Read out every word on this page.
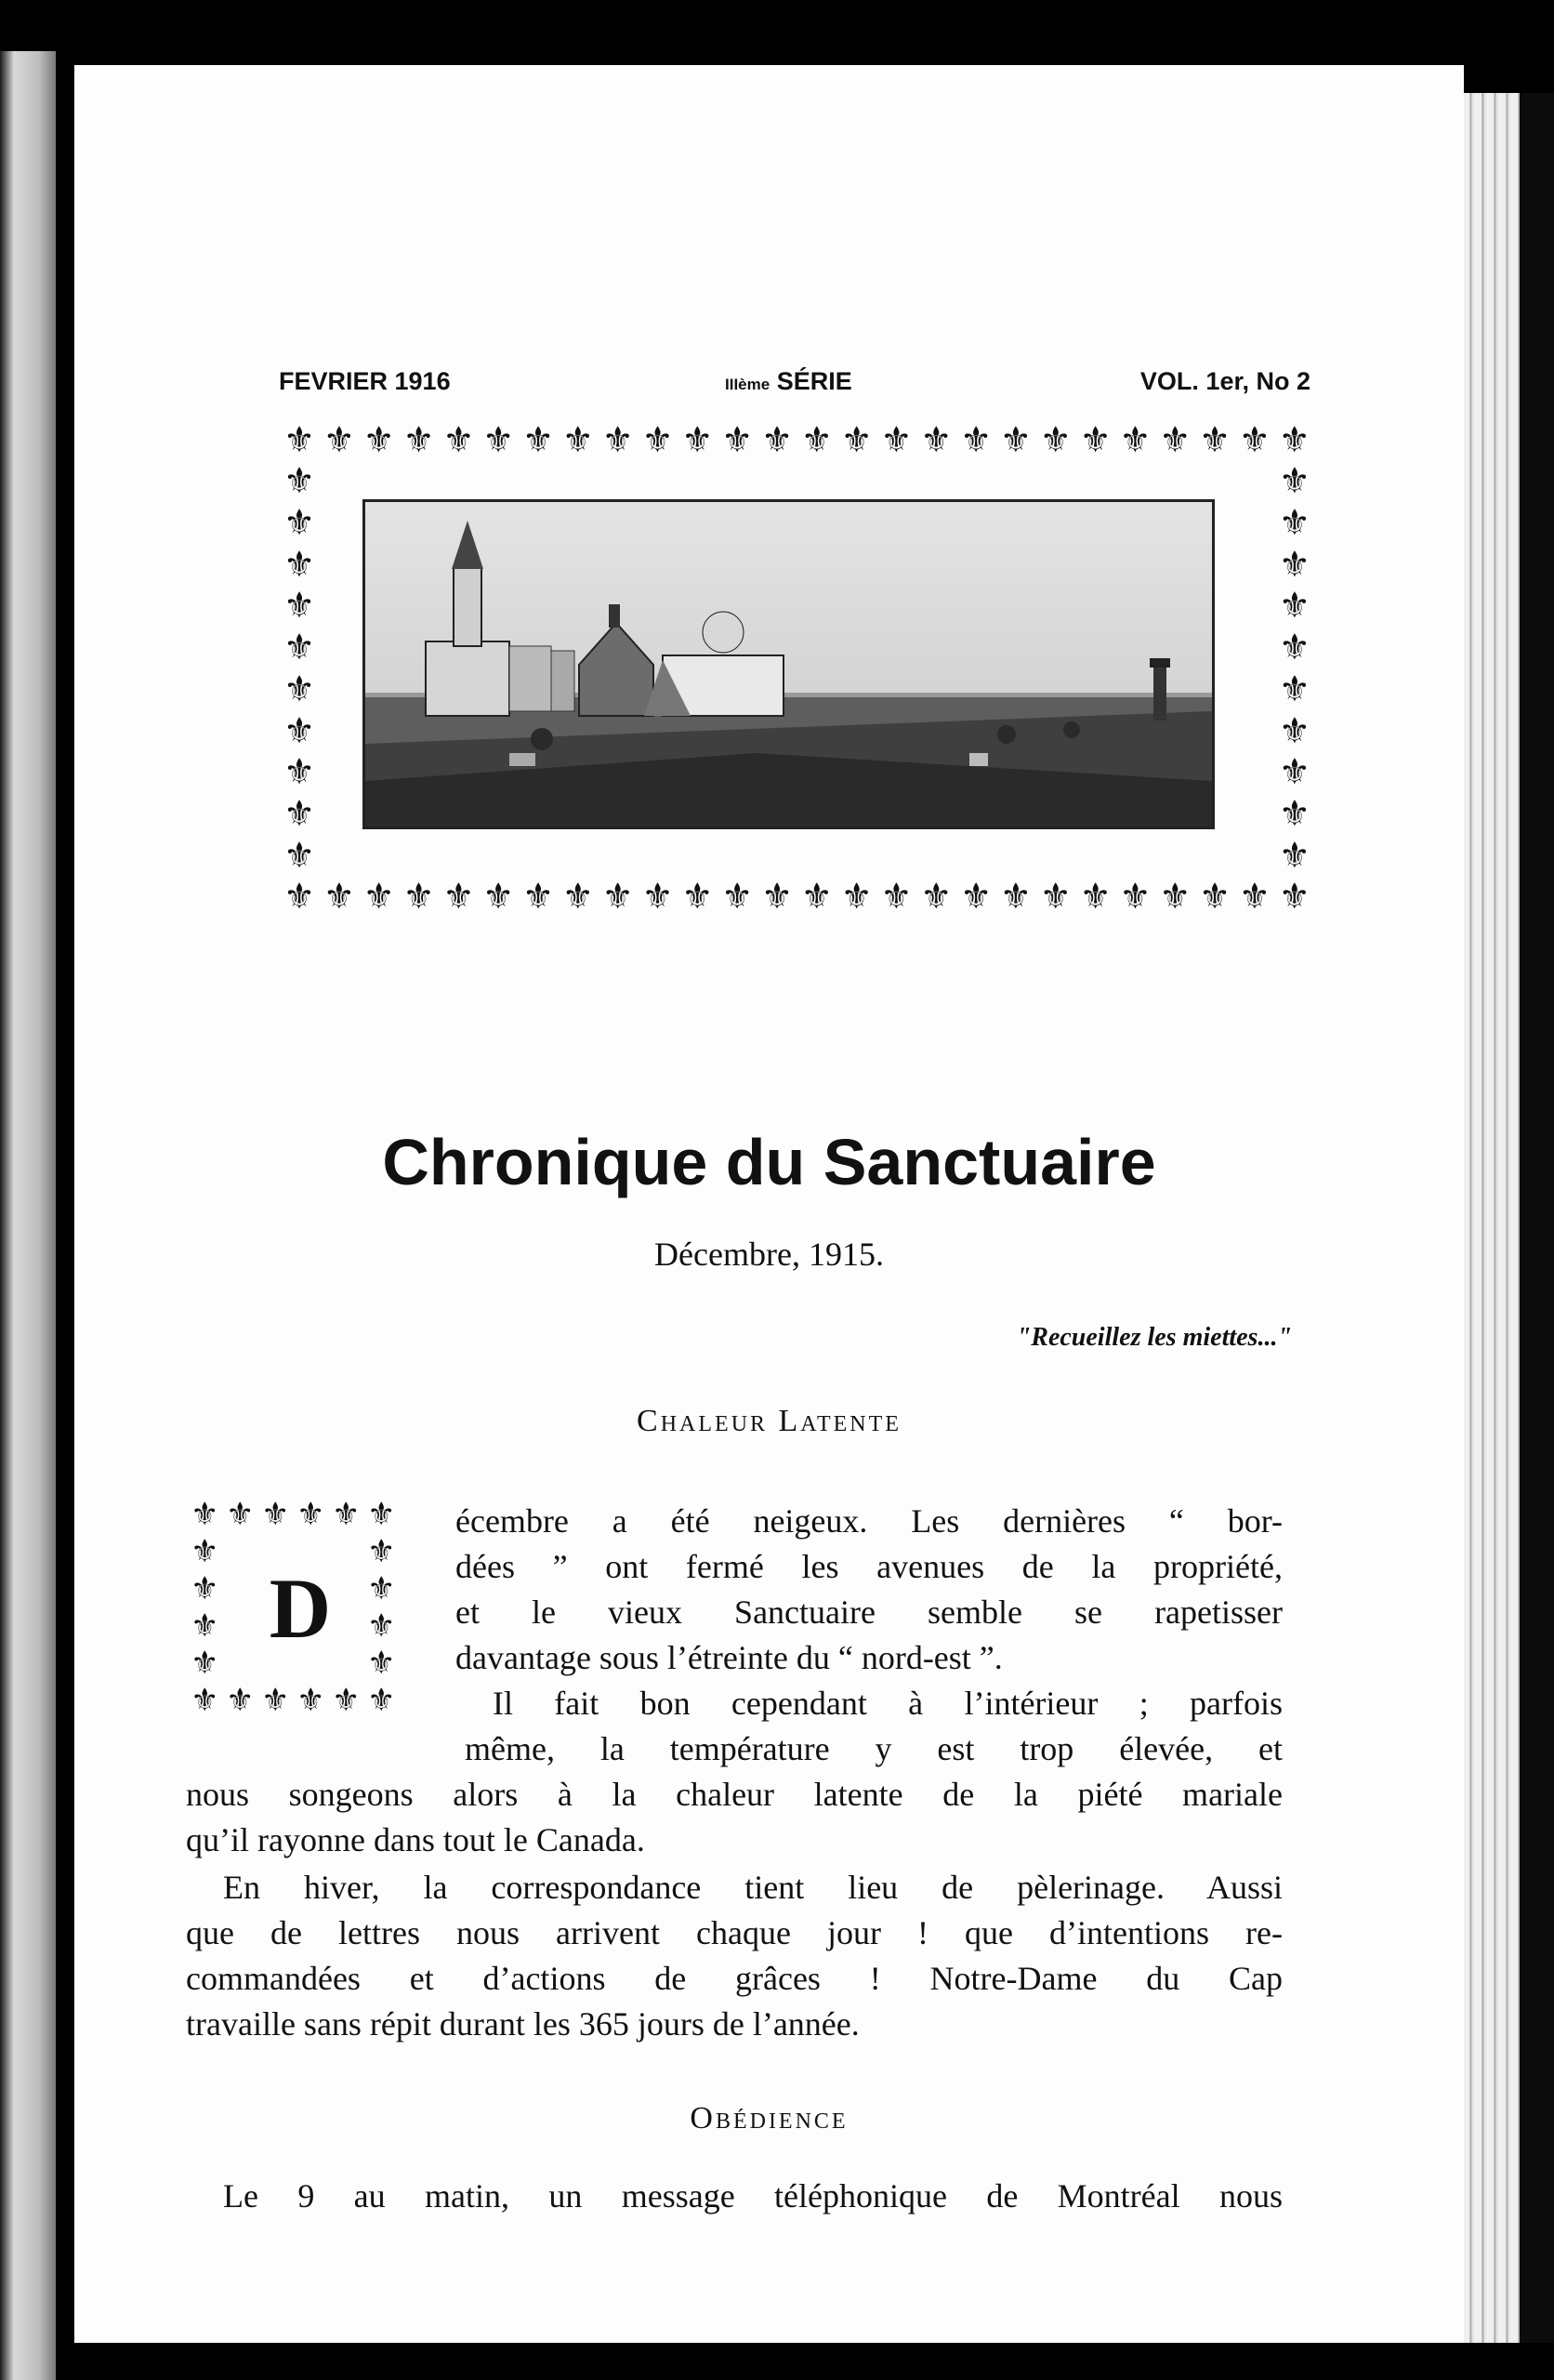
FEVRIER 1916	IIIème SÉRIE	VOL. 1er, No 2
⚜ ⚜ ⚜ ⚜ ⚜ ⚜ ⚜ ⚜ ⚜ ⚜ ⚜ ⚜ ⚜ ⚜ ⚜ ⚜ ⚜ ⚜ ⚜ ⚜ ⚜ ⚜ ⚜ ⚜ ⚜ ⚜
⚜ ⚜ ⚜ ⚜ ⚜ ⚜ ⚜ ⚜ ⚜ ⚜ ⚜ ⚜ ⚜ ⚜ ⚜ ⚜ ⚜ ⚜ ⚜ ⚜ ⚜ ⚜ ⚜ ⚜ ⚜ ⚜
⚜
⚜
⚜
⚜
⚜
⚜
⚜
⚜
⚜
⚜
⚜
⚜
⚜
⚜
⚜
⚜
⚜
⚜
⚜
⚜
Chronique du Sanctuaire
Décembre, 1915.
"Recueillez les miettes..."
Chaleur Latente
⚜
⚜
⚜
⚜
⚜
⚜
⚜
⚜
⚜
⚜
⚜
⚜
⚜	⚜
⚜	⚜
⚜	⚜
⚜	⚜
D
écembre a été neigeux. Les dernières “ bor-
dées ” ont fermé les avenues de la propriété,
et le vieux Sanctuaire semble se rapetisser
davantage sous l’étreinte du “ nord-est ”.
Il fait bon cependant à l’intérieur ; parfois
même, la température y est trop élevée, et
nous songeons alors à la chaleur latente de la piété mariale
qu’il rayonne dans tout le Canada.
En hiver, la correspondance tient lieu de pèlerinage. Aussi
que de lettres nous arrivent chaque jour ! que d’intentions re-
commandées et d’actions de grâces ! Notre-Dame du Cap
travaille sans répit durant les 365 jours de l’année.
Obédience
Le 9 au matin, un message téléphonique de Montréal nous
